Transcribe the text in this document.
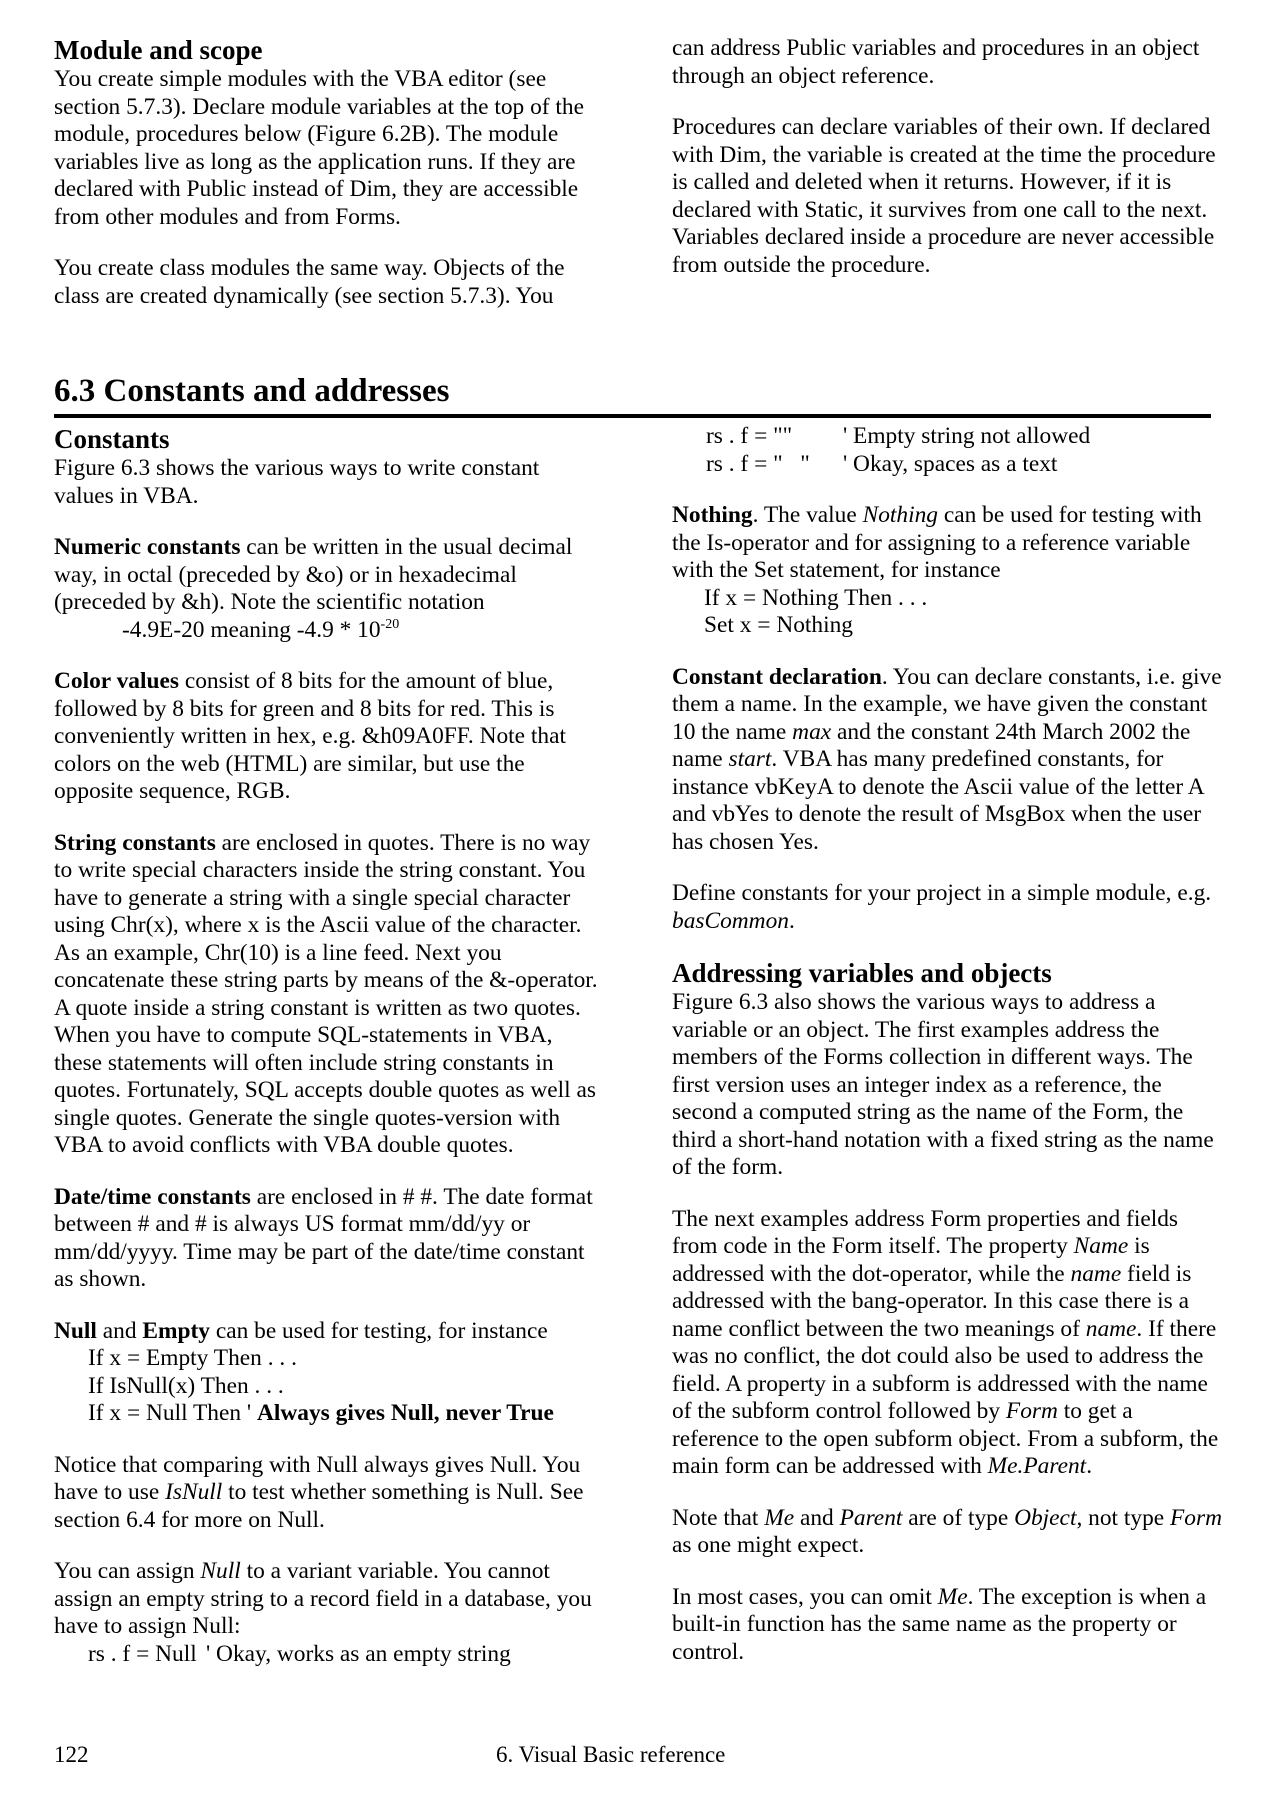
Module and scope

You create simple modules with the VBA editor (see section 5.7.3). Declare module variables at the top of the module, procedures below (Figure 6.2B). The module variables live as long as the application runs. If they are declared with Public instead of Dim, they are accessible from other modules and from Forms.

You create class modules the same way. Objects of the class are created dynamically (see section 5.7.3). You

can address Public variables and procedures in an object through an object reference.

Procedures can declare variables of their own. If declared with Dim, the variable is created at the time the procedure is called and deleted when it returns. However, if it is declared with Static, it survives from one call to the next. Variables declared inside a procedure are never accessible from outside the procedure.

6.3 Constants and addresses
Constants

Figure 6.3 shows the various ways to write constant values in VBA.

Numeric constants can be written in the usual decimal way, in octal (preceded by &o) or in hexadecimal (preceded by &h). Note the scientific notation

-4.9E-20 meaning $-4.9 * 10^{-20}$

Color values consist of 8 bits for the amount of blue, followed by 8 bits for green and 8 bits for red. This is conveniently written in hex, e.g. &h09A0FF. Note that colors on the web (HTML) are similar, but use the opposite sequence, RGB.

String constants are enclosed in quotes. There is no way to write special characters inside the string constant. You have to generate a string with a single special character using Chr(x), where x is the Ascii value of the character. As an example, Chr(10) is a line feed. Next you concatenate these string parts by means of the &-operator. A quote inside a string constant is written as two quotes. When you have to compute SQL-statements in VBA, these statements will often include string constants in quotes. Fortunately, SQL accepts double quotes as well as single quotes. Generate the single quotes-version with VBA to avoid conflicts with VBA double quotes.

Date/time constants are enclosed in # #. The date format between # and # is always US format mm/dd/yy or mm/dd/yyyy. Time may be part of the date/time constant as shown.

Null and Empty can be used for testing, for instance

If x = Empty Then . . .

If IsNull(x) Then . . .

If x = Null Then ' Always gives Null, never True

Notice that comparing with Null always gives Null. You have to use IsNull to test whether something is Null. See section 6.4 for more on Null.

You can assign Null to a variant variable. You cannot assign an empty string to a record field in a database, you have to assign Null:

rs . f = Null ' Okay, works as an empty string

rs . f = "" ' Empty string not allowed

rs . f = "   " ' Okay, spaces as a text

Nothing. The value Nothing can be used for testing with the Is-operator and for assigning to a reference variable with the Set statement, for instance

If x = Nothing Then . . .

Set x = Nothing

Constant declaration. You can declare constants, i.e. give them a name. In the example, we have given the constant 10 the name max and the constant 24th March 2002 the name start. VBA has many predefined constants, for instance vbKeyA to denote the Ascii value of the letter A and vbYes to denote the result of MsgBox when the user has chosen Yes.

Define constants for your project in a simple module, e.g. basCommon.

Addressing variables and objects

Figure 6.3 also shows the various ways to address a variable or an object. The first examples address the members of the Forms collection in different ways. The first version uses an integer index as a reference, the second a computed string as the name of the Form, the third a short-hand notation with a fixed string as the name of the form.

The next examples address Form properties and fields from code in the Form itself. The property Name is addressed with the dot-operator, while the name field is addressed with the bang-operator. In this case there is a name conflict between the two meanings of name. If there was no conflict, the dot could also be used to address the field. A property in a subform is addressed with the name of the subform control followed by Form to get a reference to the open subform object. From a subform, the main form can be addressed with Me.Parent.

Note that Me and Parent are of type Object, not type Form as one might expect.

In most cases, you can omit Me. The exception is when a built-in function has the same name as the property or control.

122	6. Visual Basic reference
